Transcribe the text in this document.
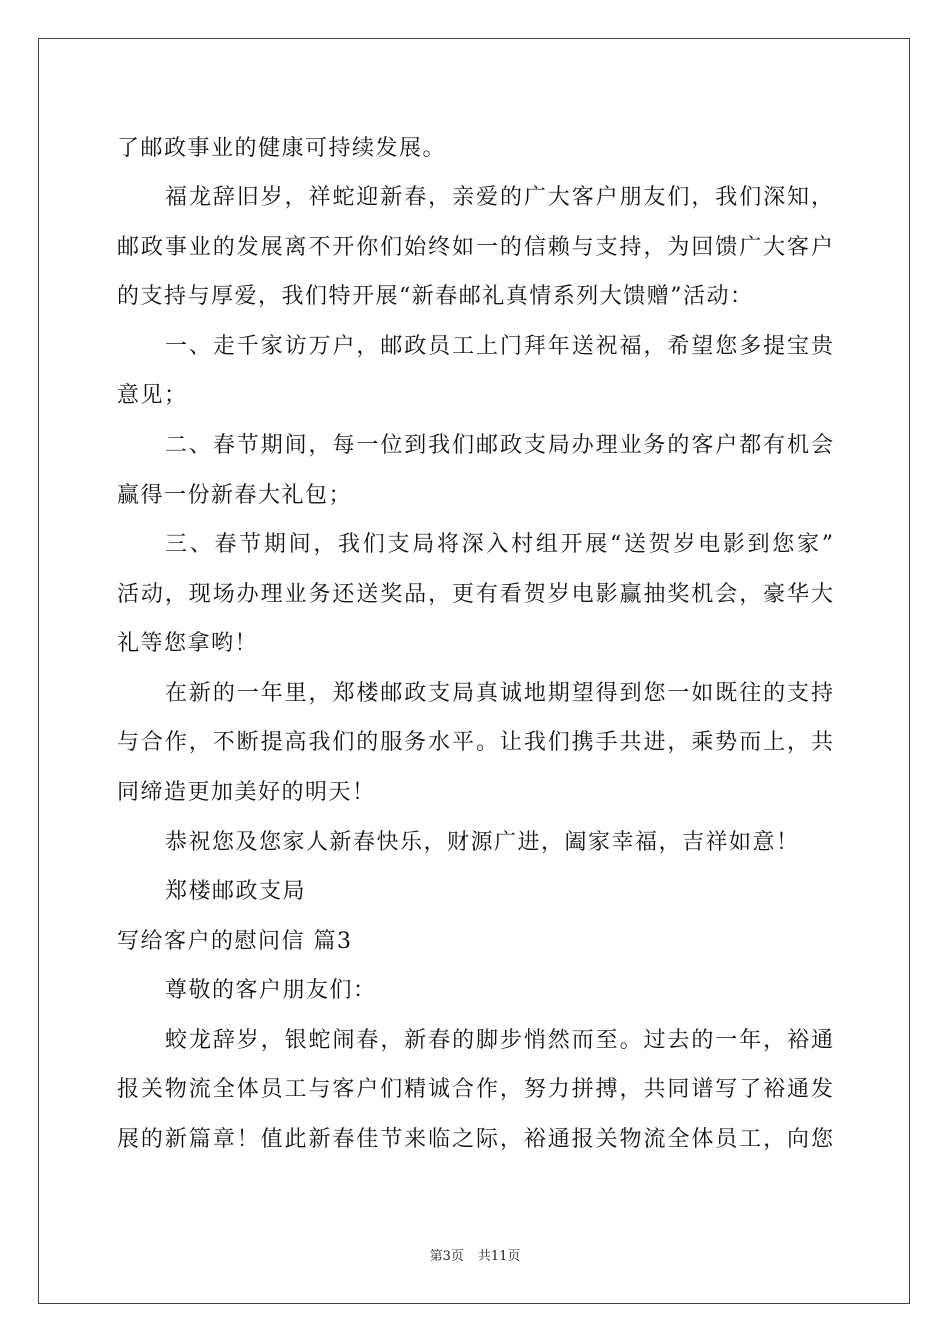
了邮政事业的健康可持续发展。
福龙辞旧岁，祥蛇迎新春，亲爱的广大客户朋友们，我们深知，
邮政事业的发展离不开你们始终如一的信赖与支持，为回馈广大客户
的支持与厚爱，我们特开展“新春邮礼真情系列大馈赠”活动：
一、走千家访万户，邮政员工上门拜年送祝福，希望您多提宝贵
意见；
二、春节期间，每一位到我们邮政支局办理业务的客户都有机会
赢得一份新春大礼包；
三、春节期间，我们支局将深入村组开展“送贺岁电影到您家”
活动，现场办理业务还送奖品，更有看贺岁电影赢抽奖机会，豪华大
礼等您拿哟！
在新的一年里，郑楼邮政支局真诚地期望得到您一如既往的支持
与合作，不断提高我们的服务水平。让我们携手共进，乘势而上，共
同缔造更加美好的明天！
恭祝您及您家人新春快乐，财源广进，阖家幸福，吉祥如意！
郑楼邮政支局
写给客户的慰问信 篇3
尊敬的客户朋友们：
蛟龙辞岁，银蛇闹春，新春的脚步悄然而至。过去的一年，裕通
报关物流全体员工与客户们精诚合作，努力拼搏，共同谱写了裕通发
展的新篇章！值此新春佳节来临之际，裕通报关物流全体员工，向您
第3页 共11页
